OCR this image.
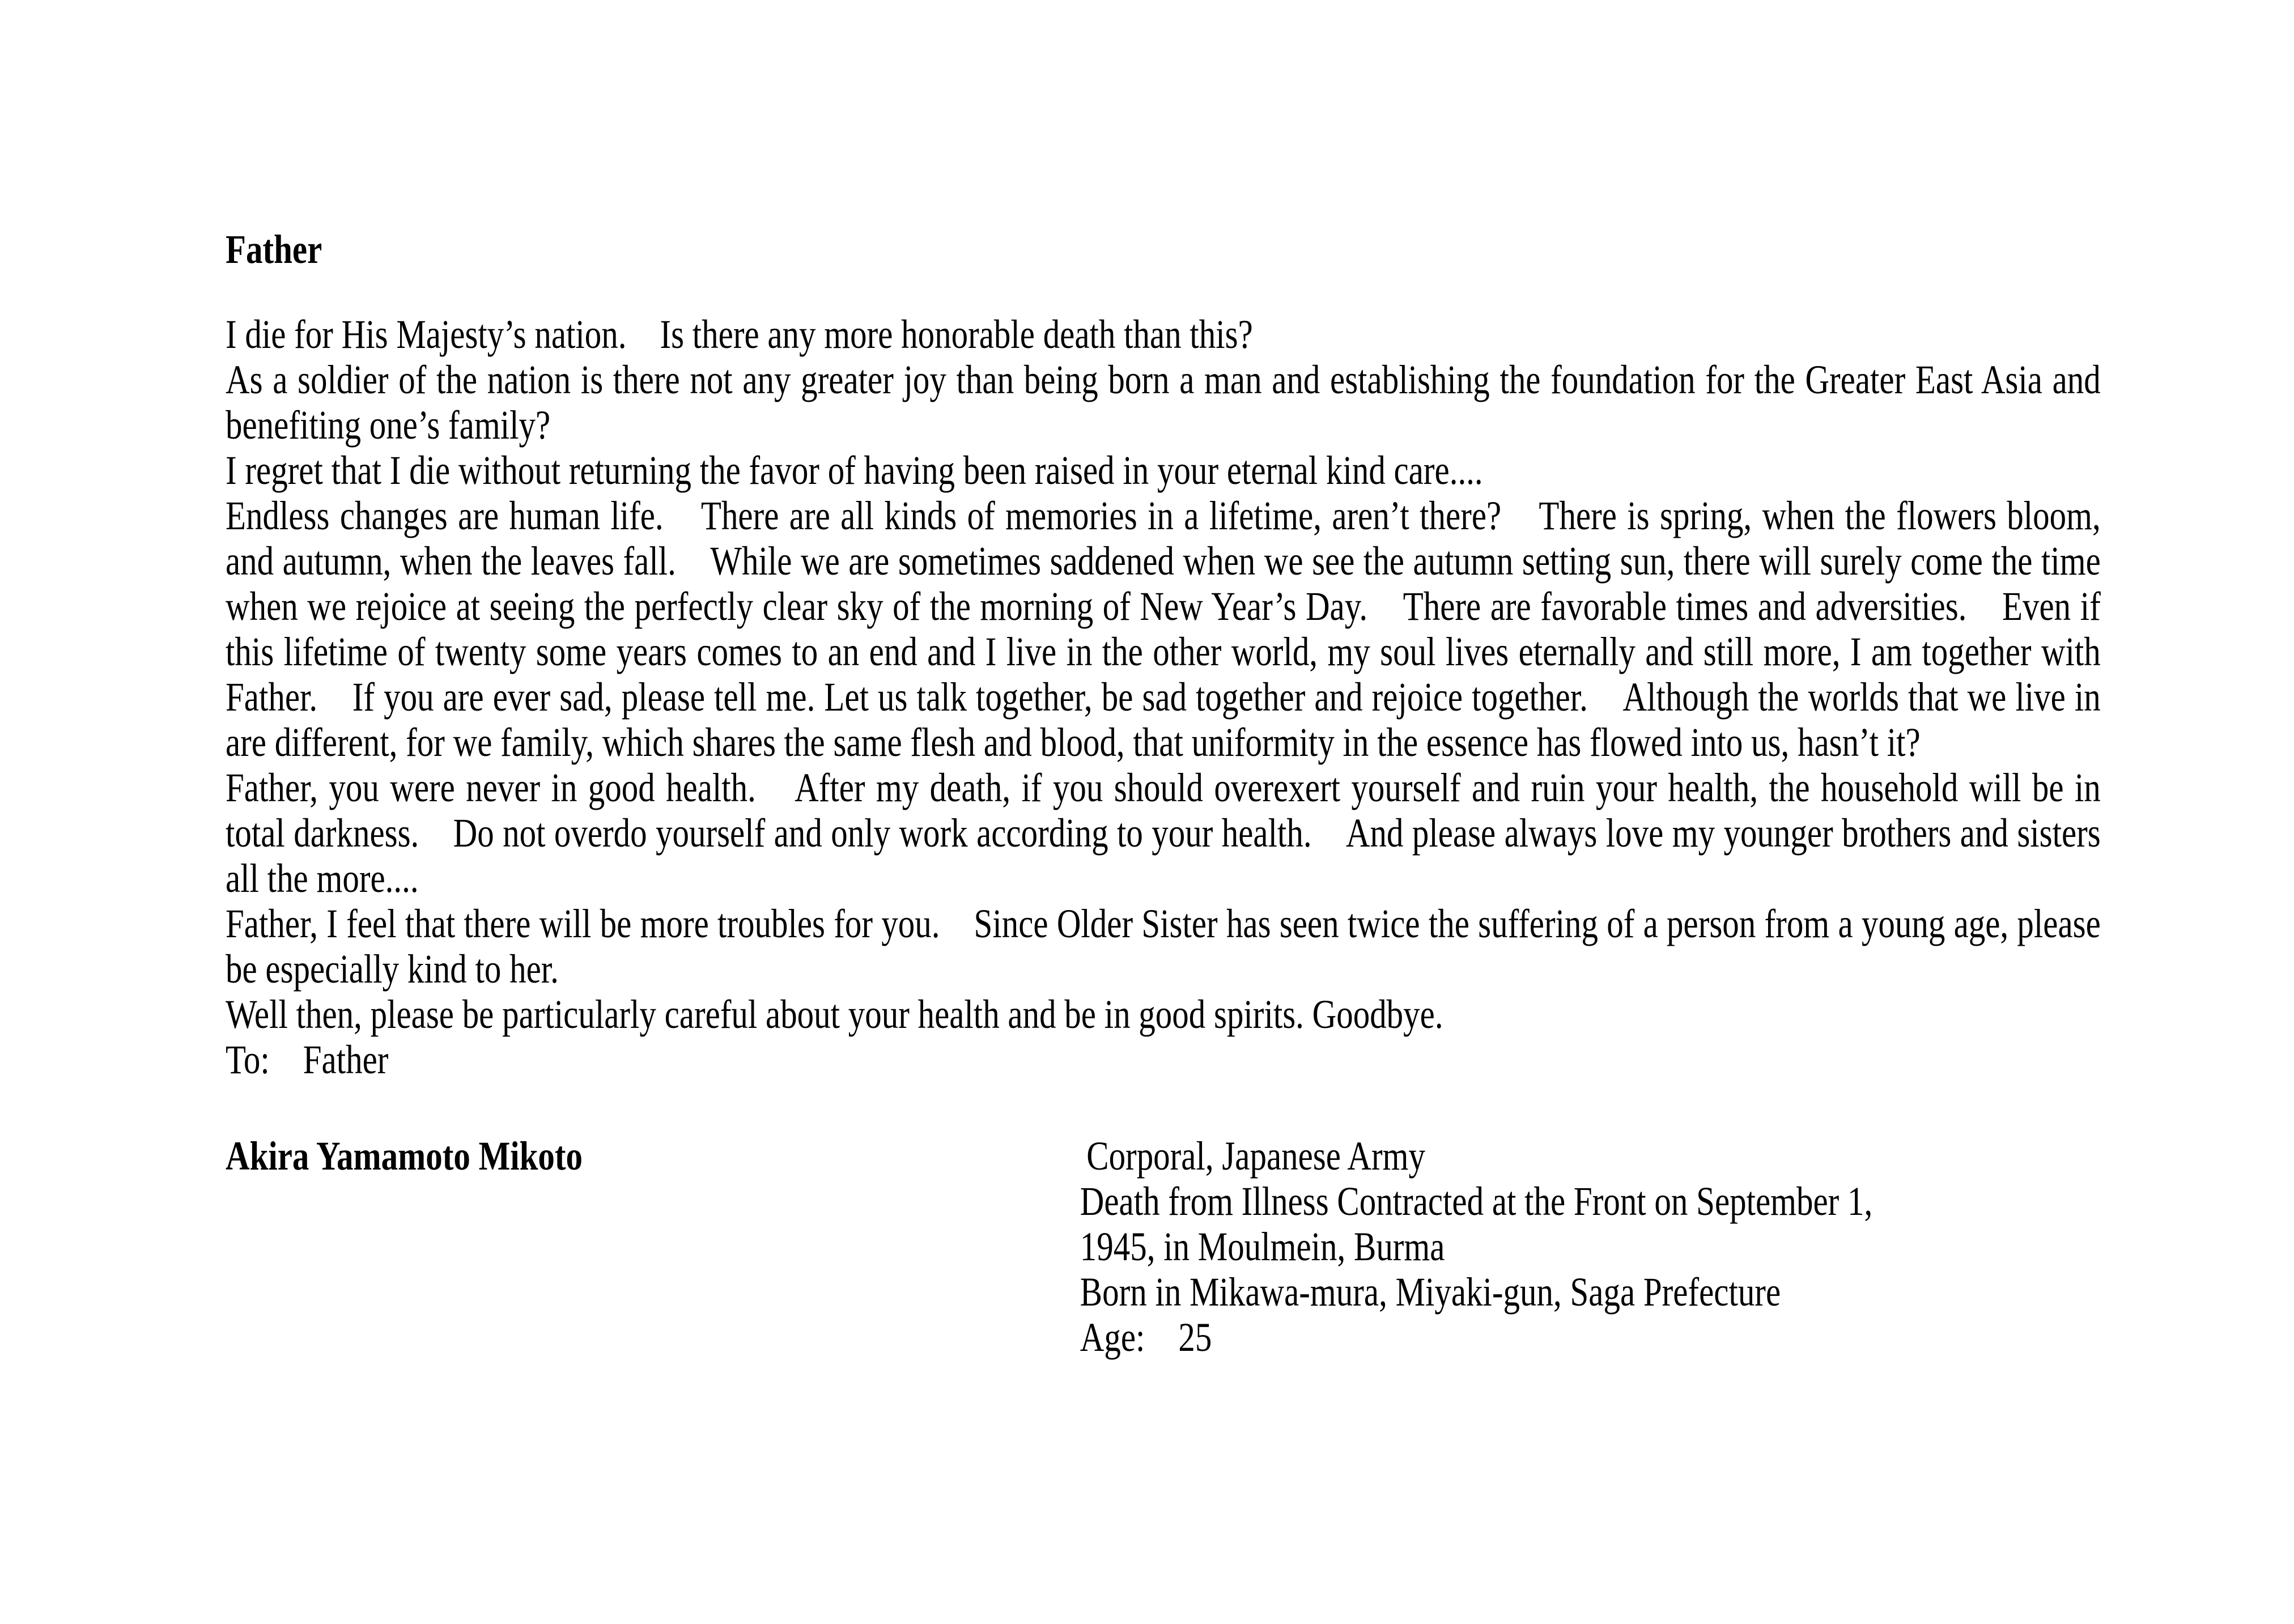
Father

I die for His Majesty’s nation.　Is there any more honorable death than this?

As a soldier of the nation is there not any greater joy than being born a man and establishing the foundation for the Greater East Asia and benefiting one’s family?

I regret that I die without returning the favor of having been raised in your eternal kind care....

Endless changes are human life.　There are all kinds of memories in a lifetime, aren’t there?　There is spring, when the flowers bloom, and autumn, when the leaves fall.　While we are sometimes saddened when we see the autumn setting sun, there will surely come the time when we rejoice at seeing the perfectly clear sky of the morning of New Year’s Day.　There are favorable times and adversities.　Even if this lifetime of twenty some years comes to an end and I live in the other world, my soul lives eternally and still more, I am together with Father.　If you are ever sad, please tell me. Let us talk together, be sad together and rejoice together.　Although the worlds that we live in are different, for we family, which shares the same flesh and blood, that uniformity in the essence has flowed into us, hasn’t it?

Father, you were never in good health.　After my death, if you should overexert yourself and ruin your health, the household will be in total darkness.　Do not overdo yourself and only work according to your health.　And please always love my younger brothers and sisters all the more....

Father, I feel that there will be more troubles for you.　Since Older Sister has seen twice the suffering of a person from a young age, please be especially kind to her.

Well then, please be particularly careful about your health and be in good spirits. Goodbye.

To:　Father

Akira Yamamoto Mikoto	Corporal, Japanese Army
Death from Illness Contracted at the Front on September 1,
1945, in Moulmein, Burma
Born in Mikawa-mura, Miyaki-gun, Saga Prefecture
Age:　25
